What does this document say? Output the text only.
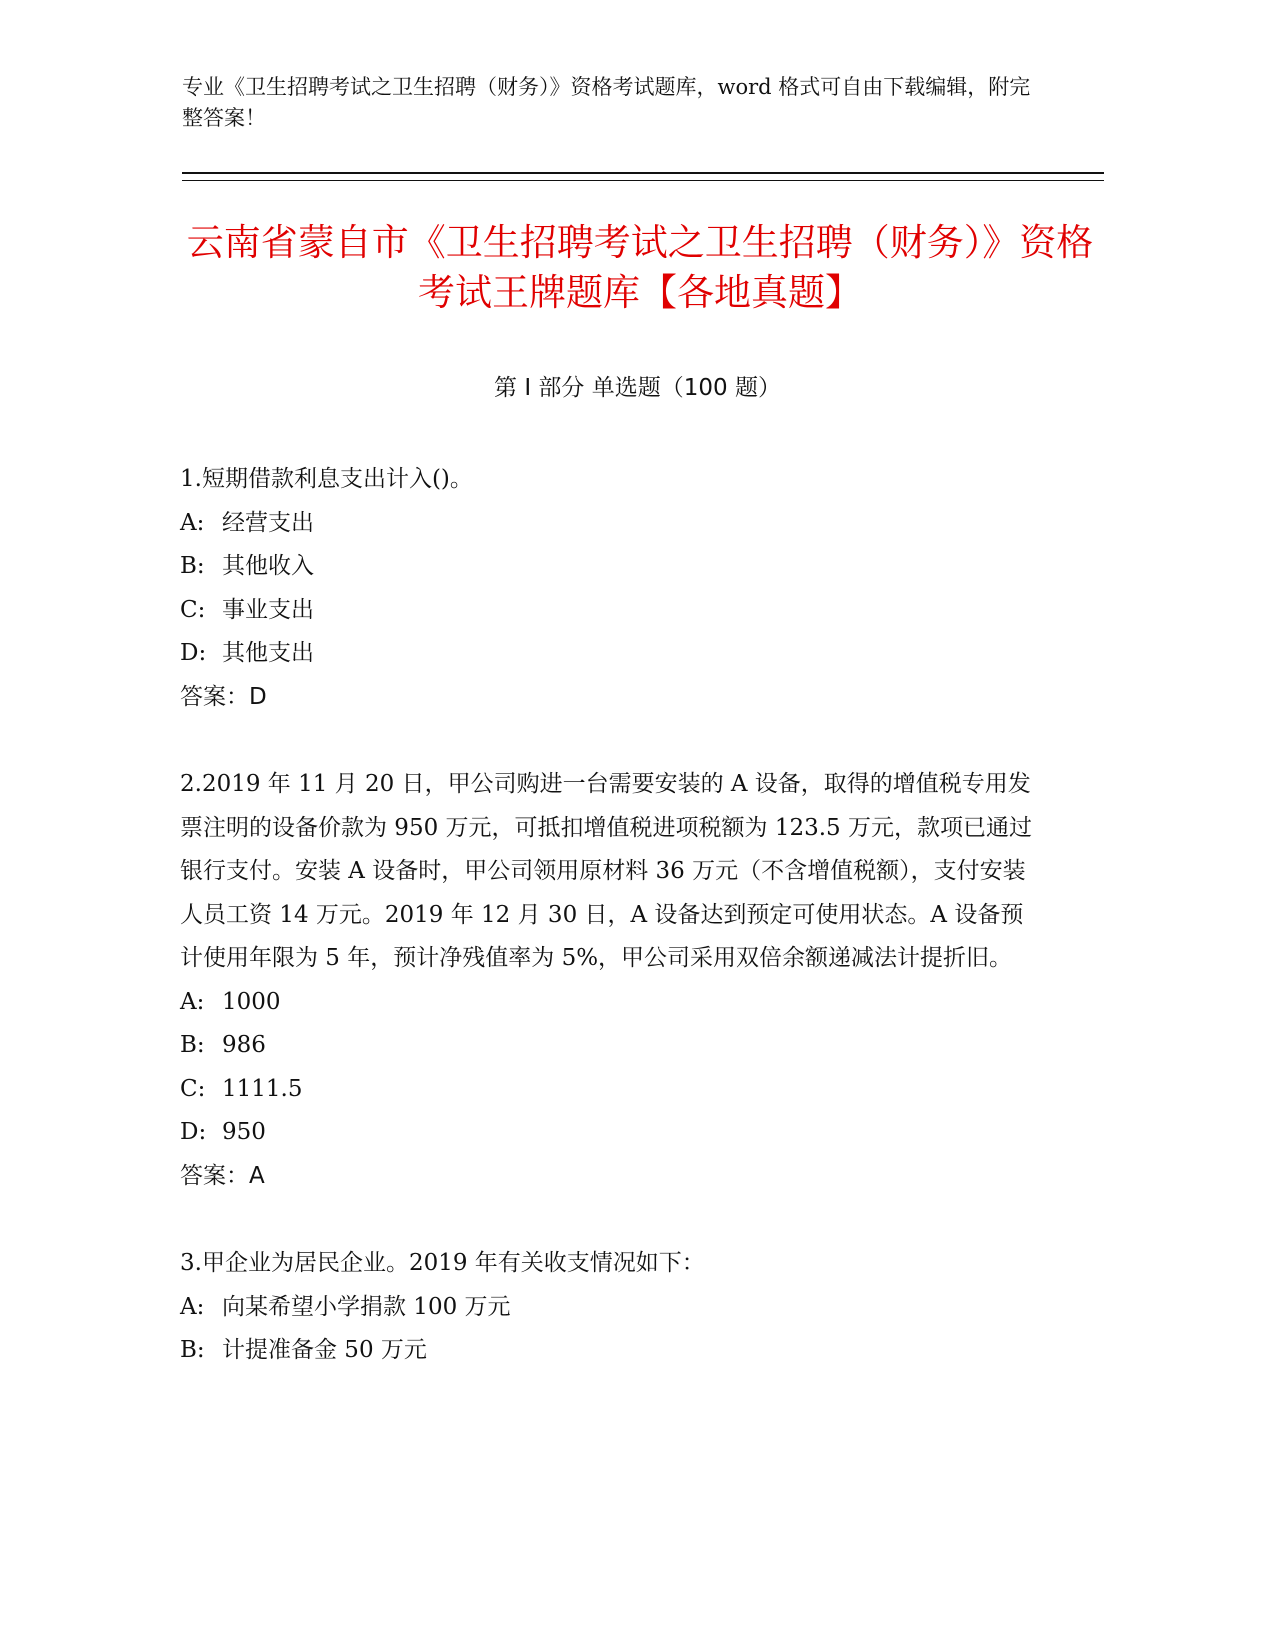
专业《卫生招聘考试之卫生招聘（财务）》资格考试题库，word 格式可自由下载编辑，附完整答案！
云南省蒙自市《卫生招聘考试之卫生招聘（财务）》资格考试王牌题库【各地真题】
第 I 部分 单选题（100 题）

1.短期借款利息支出计入()。

A: 经营支出

B: 其他收入

C: 事业支出

D: 其他支出

答案：D

2.2019 年 11 月 20 日，甲公司购进一台需要安装的 A 设备，取得的增值税专用发票注明的设备价款为 950 万元，可抵扣增值税进项税额为 123.5 万元，款项已通过银行支付。安装 A 设备时，甲公司领用原材料 36 万元（不含增值税额），支付安装人员工资 14 万元。2019 年 12 月 30 日，A 设备达到预定可使用状态。A 设备预计使用年限为 5 年，预计净残值率为 5%，甲公司采用双倍余额递减法计提折旧。

A: 1000

B: 986

C: 1111.5

D: 950

答案：A

3.甲企业为居民企业。2019 年有关收支情况如下：

A: 向某希望小学捐款 100 万元

B: 计提准备金 50 万元
